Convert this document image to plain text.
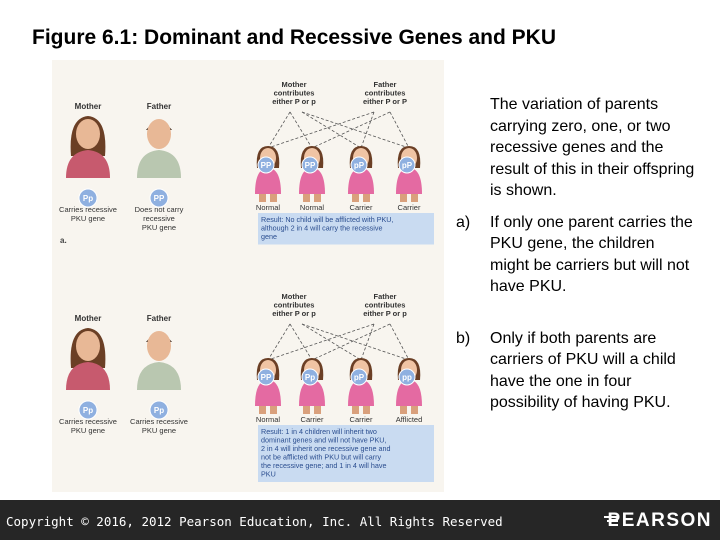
Figure 6.1: Dominant and Recessive Genes and PKU
Mother	Father
Pp	PP
Mother
contributes
either P or p
Father
contributes
either P or P
PP
Normal
PP
Normal
pP
Carrier
pP
Carrier
Result: No child will be afflicted with PKU,
although 2 in 4 will carry the recessive
gene
a.
Mother	Father
Pp	Pp
Mother
contributes
either P or p
Father
contributes
either P or p
PP
Normal
Pp
Carrier
pP
Carrier
pp
Afflicted
Result: 1 in 4 children will inherit two
dominant genes and will not have PKU,
2 in 4 will inherit one recessive gene and
not be afflicted with PKU but will carry
the recessive gene; and 1 in 4 will have
PKU
Carries recessive
PKU gene
Does not carry
recessive
PKU gene
Carries recessive
PKU gene
Carries recessive
PKU gene
The variation of parents carrying zero, one, or two recessive genes and the result of this in their offspring is shown.
a)	If only one parent carries the PKU gene, the children might be carriers but will not have PKU.
b)	Only if both parents are carriers of PKU will a child have the one in four possibility of having PKU.
Copyright © 2016, 2012 Pearson Education, Inc. All Rights Reserved	PEARSON
